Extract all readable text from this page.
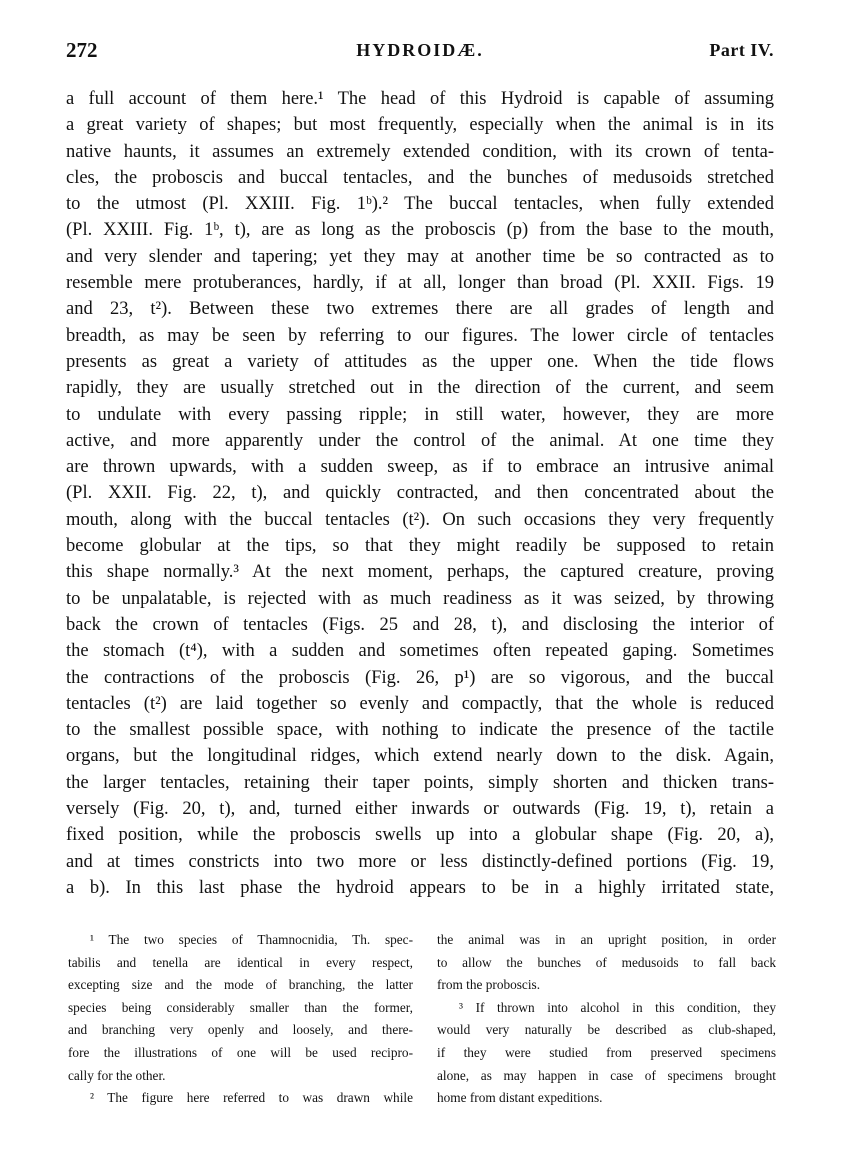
272	HYDROIDÆ.	Part IV.
a full account of them here.¹ The head of this Hydroid is capable of assuming
a great variety of shapes; but most frequently, especially when the animal is in its
native haunts, it assumes an extremely extended condition, with its crown of tenta-
cles, the proboscis and buccal tentacles, and the bunches of medusoids stretched
to the utmost (Pl. XXIII. Fig. 1ᵇ).² The buccal tentacles, when fully extended
(Pl. XXIII. Fig. 1ᵇ, t), are as long as the proboscis (p) from the base to the mouth,
and very slender and tapering; yet they may at another time be so contracted as to
resemble mere protuberances, hardly, if at all, longer than broad (Pl. XXII. Figs. 19
and 23, t²). Between these two extremes there are all grades of length and
breadth, as may be seen by referring to our figures. The lower circle of tentacles
presents as great a variety of attitudes as the upper one. When the tide flows
rapidly, they are usually stretched out in the direction of the current, and seem
to undulate with every passing ripple; in still water, however, they are more
active, and more apparently under the control of the animal. At one time they
are thrown upwards, with a sudden sweep, as if to embrace an intrusive animal
(Pl. XXII. Fig. 22, t), and quickly contracted, and then concentrated about the
mouth, along with the buccal tentacles (t²). On such occasions they very frequently
become globular at the tips, so that they might readily be supposed to retain
this shape normally.³ At the next moment, perhaps, the captured creature, proving
to be unpalatable, is rejected with as much readiness as it was seized, by throwing
back the crown of tentacles (Figs. 25 and 28, t), and disclosing the interior of
the stomach (t⁴), with a sudden and sometimes often repeated gaping. Sometimes
the contractions of the proboscis (Fig. 26, p¹) are so vigorous, and the buccal
tentacles (t²) are laid together so evenly and compactly, that the whole is reduced
to the smallest possible space, with nothing to indicate the presence of the tactile
organs, but the longitudinal ridges, which extend nearly down to the disk. Again,
the larger tentacles, retaining their taper points, simply shorten and thicken trans-
versely (Fig. 20, t), and, turned either inwards or outwards (Fig. 19, t), retain a
fixed position, while the proboscis swells up into a globular shape (Fig. 20, a),
and at times constricts into two more or less distinctly-defined portions (Fig. 19,
a b). In this last phase the hydroid appears to be in a highly irritated state,
¹ The two species of Thamnocnidia, Th. spec-
tabilis and tenella are identical in every respect,
excepting size and the mode of branching, the latter
species being considerably smaller than the former,
and branching very openly and loosely, and there-
fore the illustrations of one will be used recipro-
cally for the other.
² The figure here referred to was drawn while
the animal was in an upright position, in order
to allow the bunches of medusoids to fall back
from the proboscis.
³ If thrown into alcohol in this condition, they
would very naturally be described as club-shaped,
if they were studied from preserved specimens
alone, as may happen in case of specimens brought
home from distant expeditions.
